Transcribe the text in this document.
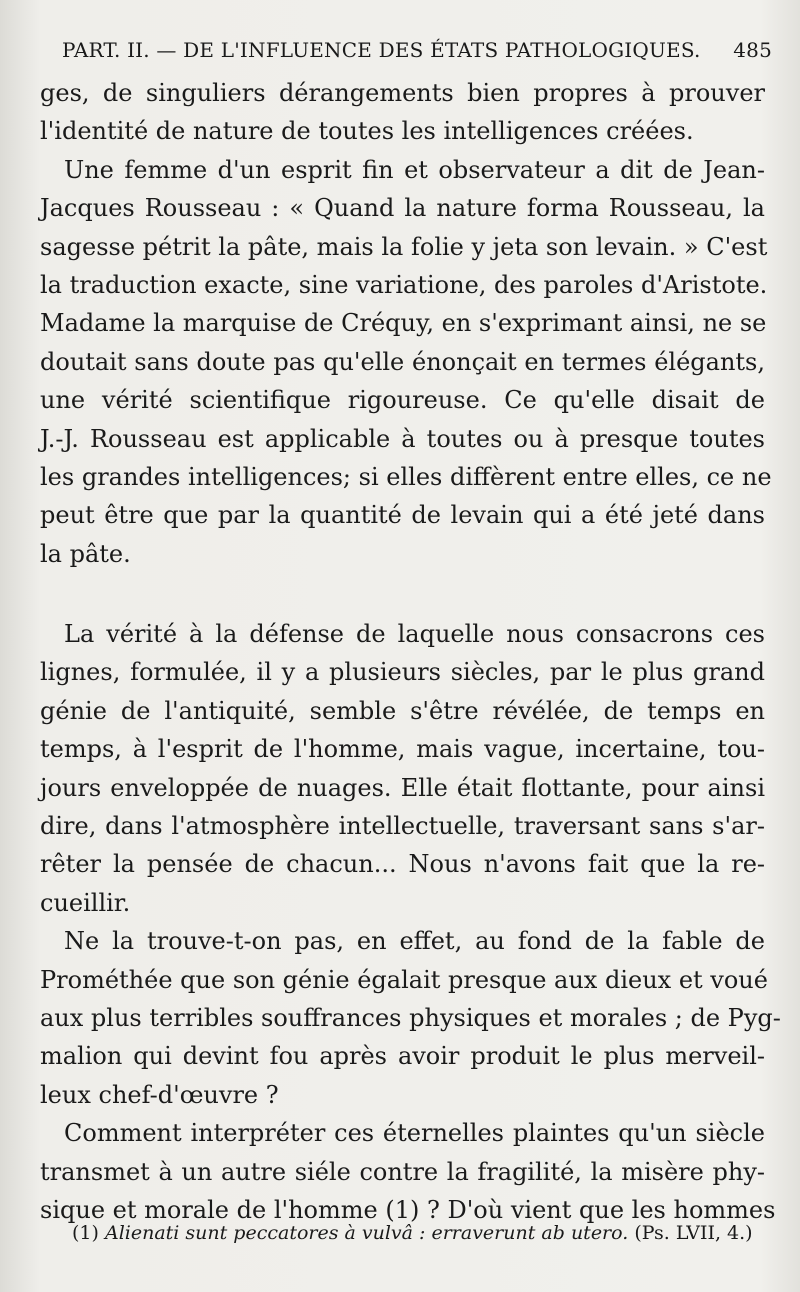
PART. II. — DE L'INFLUENCE DES ÉTATS PATHOLOGIQUES. 485
ges, de singuliers dérangements bien propres à prouver
l'identité de nature de toutes les intelligences créées.
Une femme d'un esprit fin et observateur a dit de Jean-
Jacques Rousseau : « Quand la nature forma Rousseau, la
sagesse pétrit la pâte, mais la folie y jeta son levain. » C'est
la traduction exacte, sine variatione, des paroles d'Aristote.
Madame la marquise de Créquy, en s'exprimant ainsi, ne se
doutait sans doute pas qu'elle énonçait en termes élégants,
une vérité scientifique rigoureuse. Ce qu'elle disait de
J.-J. Rousseau est applicable à toutes ou à presque toutes
les grandes intelligences; si elles diffèrent entre elles, ce ne
peut être que par la quantité de levain qui a été jeté dans
la pâte.
La vérité à la défense de laquelle nous consacrons ces
lignes, formulée, il y a plusieurs siècles, par le plus grand
génie de l'antiquité, semble s'être révélée, de temps en
temps, à l'esprit de l'homme, mais vague, incertaine, tou-
jours enveloppée de nuages. Elle était flottante, pour ainsi
dire, dans l'atmosphère intellectuelle, traversant sans s'ar-
rêter la pensée de chacun... Nous n'avons fait que la re-
cueillir.
Ne la trouve-t-on pas, en effet, au fond de la fable de
Prométhée que son génie égalait presque aux dieux et voué
aux plus terribles souffrances physiques et morales ; de Pyg-
malion qui devint fou après avoir produit le plus merveil-
leux chef-d'œuvre ?
Comment interpréter ces éternelles plaintes qu'un siècle
transmet à un autre siéle contre la fragilité, la misère phy-
sique et morale de l'homme (1) ? D'où vient que les hommes
(1) Alienati sunt peccatores à vulvâ : erraverunt ab utero. (Ps. LVII, 4.)
